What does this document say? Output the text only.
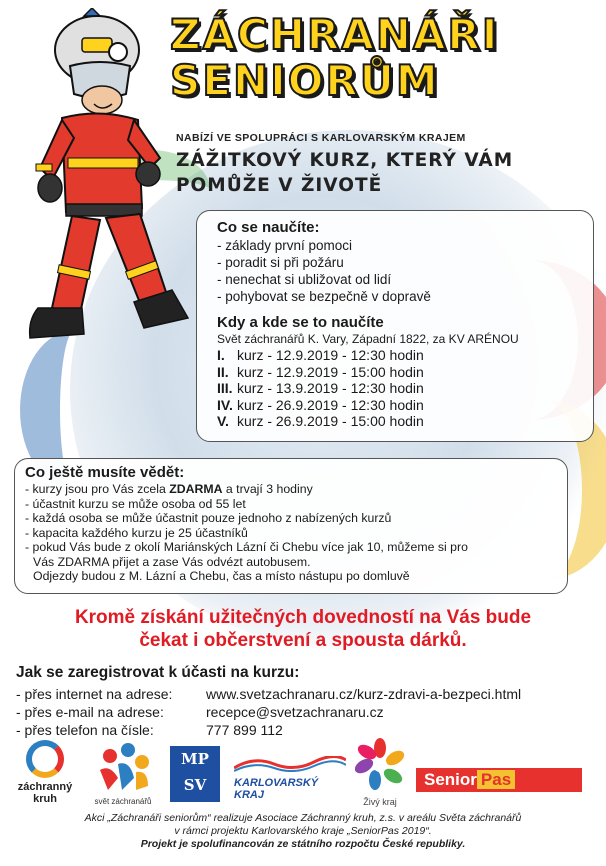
ZÁCHRANÁŘI
SENIORŮM
NABÍZÍ VE SPOLUPRÁCI S KARLOVARSKÝM KRAJEM
ZÁŽITKOVÝ KURZ, KTERÝ VÁM
POMŮŽE V ŽIVOTĚ
Co se naučíte:
- základy první pomoci
- poradit si při požáru
- nenechat si ubližovat od lidí
- pohybovat se bezpečně v dopravě
Kdy a kde se to naučíte
Svět záchranářů K. Vary, Západní 1822, za KV ARÉNOU
I. kurz - 12.9.2019 - 12:30 hodin
II. kurz - 12.9.2019 - 15:00 hodin
III. kurz - 13.9.2019 - 12:30 hodin
IV. kurz - 26.9.2019 - 12:30 hodin
V. kurz - 26.9.2019 - 15:00 hodin
Co ještě musíte vědět:
- kurzy jsou pro Vás zcela ZDARMA a trvají 3 hodiny
- účastnit kurzu se může osoba od 55 let
- každá osoba se může účastnit pouze jednoho z nabízených kurzů
- kapacita každého kurzu je 25 účastníků
- pokud Vás bude z okolí Mariánských Lázní či Chebu více jak 10, můžeme si pro
Vás ZDARMA přijet a zase Vás odvézt autobusem.
Odjezdy budou z M. Lázní a Chebu, čas a místo nástupu po domluvě
Kromě získání užitečných dovedností na Vás bude
čekat i občerstvení a spousta dárků.
Jak se zaregistrovat k účasti na kurzu:
- přes internet na adrese:	www.svetzachranaru.cz/kurz-zdravi-a-bezpeci.html
- přes e-mail na adrese:	recepce@svetzachranaru.cz
- přes telefon na čísle:	777 899 112
záchranný
kruh	svět záchranářů
MP
SV	KARLOVARSKÝ KRAJ
Živý kraj
Senior Pas
Akci „Záchranáři seniorům“ realizuje Asociace Záchranný kruh, z.s. v areálu Světa záchranářů
v rámci projektu Karlovarského kraje „SeniorPas 2019“.
Projekt je spolufinancován ze státního rozpočtu České republiky.
